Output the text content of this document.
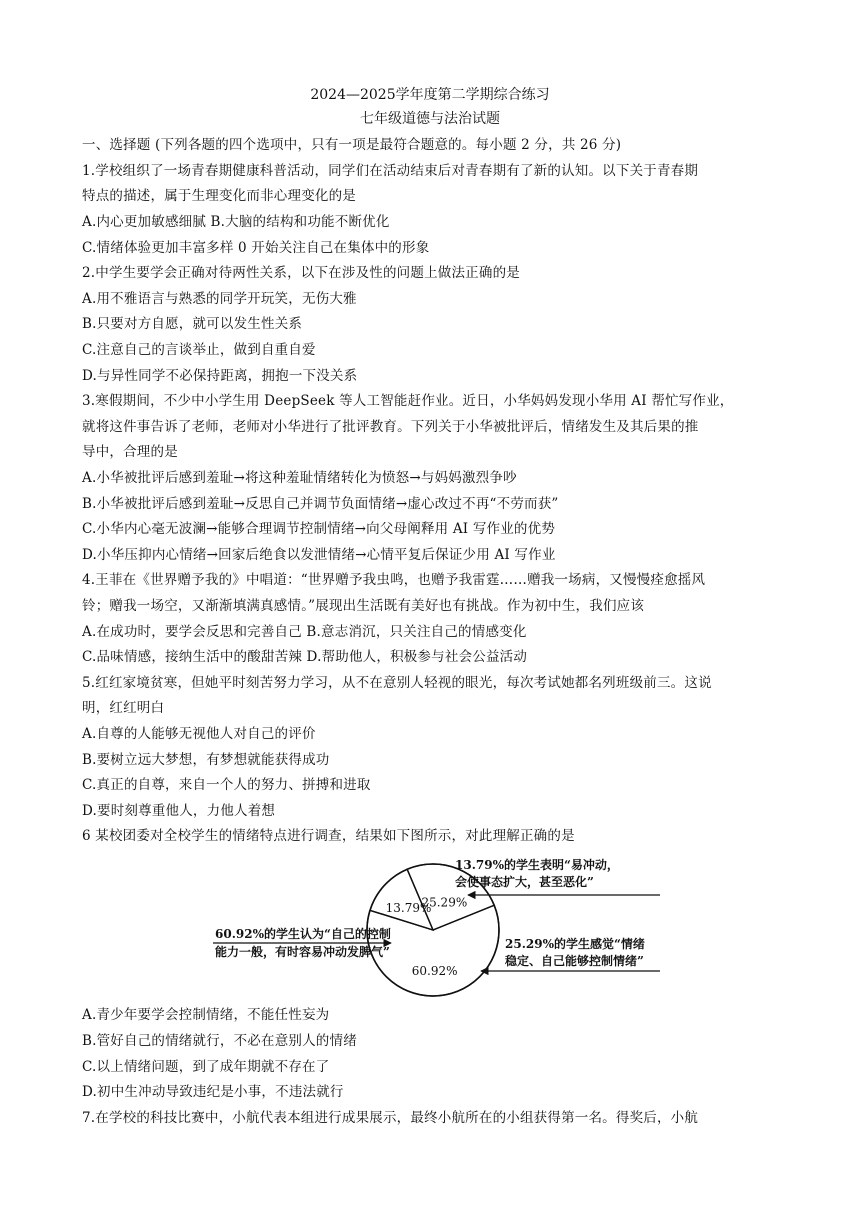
2024—2025学年度第二学期综合练习
七年级道德与法治试题
一、选择题 (下列各题的四个选项中，只有一项是最符合题意的。每小题 2 分，共 26 分)
1.学校组织了一场青春期健康科普活动，同学们在活动结束后对青春期有了新的认知。以下关于青春期
特点的描述，属于生理变化而非心理变化的是
A.内心更加敏感细腻 B.大脑的结构和功能不断优化
C.情绪体验更加丰富多样 0 开始关注自己在集体中的形象
2.中学生要学会正确对待两性关系，以下在涉及性的问题上做法正确的是
A.用不雅语言与熟悉的同学开玩笑，无伤大雅
B.只要对方自愿，就可以发生性关系
C.注意自己的言谈举止，做到自重自爱
D.与异性同学不必保持距离，拥抱一下没关系
3.寒假期间，不少中小学生用 DeepSeek 等人工智能赶作业。近日，小华妈妈发现小华用 AI 帮忙写作业，
就将这件事告诉了老师，老师对小华进行了批评教育。下列关于小华被批评后，情绪发生及其后果的推
导中，合理的是
A.小华被批评后感到羞耻→将这种羞耻情绪转化为愤怒→与妈妈激烈争吵
B.小华被批评后感到羞耻→反思自己并调节负面情绪→虚心改过不再“不劳而获”
C.小华内心毫无波澜→能够合理调节控制情绪→向父母阐释用 AI 写作业的优势
D.小华压抑内心情绪→回家后绝食以发泄情绪→心情平复后保证少用 AI 写作业
4.王菲在《世界赠予我的》中唱道：“世界赠予我虫鸣，也赠予我雷霆……赠我一场病，又慢慢痊愈摇风
铃；赠我一场空，又渐渐填满真感情。”展现出生活既有美好也有挑战。作为初中生，我们应该
A.在成功时，要学会反思和完善自己 B.意志消沉，只关注自己的情感变化
C.品味情感，接纳生活中的酸甜苦辣 D.帮助他人，积极参与社会公益活动
5.红红家境贫寒，但她平时刻苦努力学习，从不在意别人轻视的眼光，每次考试她都名列班级前三。这说
明，红红明白
A.自尊的人能够无视他人对自己的评价
B.要树立远大梦想，有梦想就能获得成功
C.真正的自尊，来自一个人的努力、拼搏和进取
D.要时刻尊重他人，力他人着想
6 某校团委对全校学生的情绪特点进行调查，结果如下图所示，对此理解正确的是
60.92%
13.79%
25.29%
60.92%的学生认为“自己的控制
能力一般，有时容易冲动发脾气”
13.79%的学生表明“易冲动，
会使事态扩大，甚至恶化”
25.29%的学生感觉“情绪
稳定、自己能够控制情绪”
A.青少年要学会控制情绪，不能任性妄为
B.管好自己的情绪就行，不必在意别人的情绪
C.以上情绪问题，到了成年期就不存在了
D.初中生冲动导致违纪是小事，不违法就行
7.在学校的科技比赛中，小航代表本组进行成果展示，最终小航所在的小组获得第一名。得奖后，小航
